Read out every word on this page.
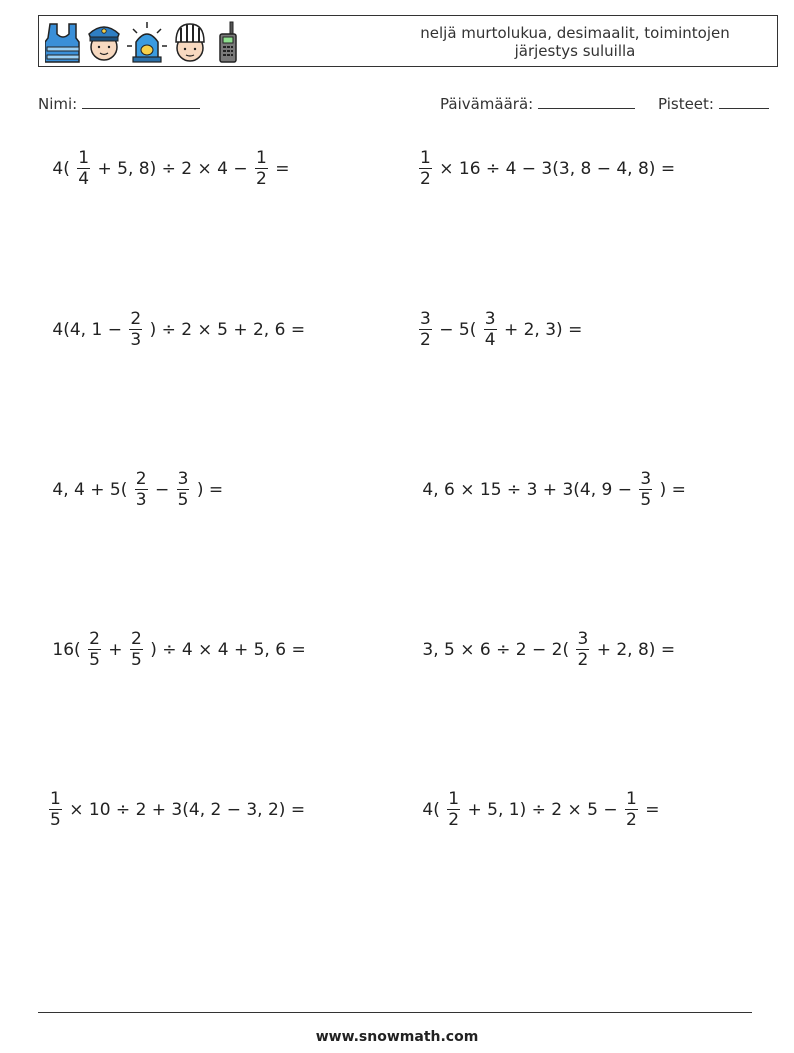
neljä murtolukua, desimaalit, toimintojen
järjestys suluilla
Nimi:	Päivämäärä:	Pisteet:
$4( \frac{1}{4} + 5$, $8) \div 2 \times 4 - \frac{1}{2}$ =	$\frac{1}{2} \times 16 \div 4 - 3(3$, 8 − 4, 8) =
4(4, $1 - \frac{2}{3}$ ) ÷ 2 × 5 + 2, 6 =	$\frac{3}{2} - 5( \frac{3}{4} + 2$, 3) =
4, $4 + 5( \frac{2}{3} - \frac{3}{5}$ ) =	4, 6 × 15 ÷ 3 + 3(4, $9 - \frac{3}{5}$ ) =
$16( \frac{2}{5} + \frac{2}{5}$ ) ÷ 4 × 4 + 5, 6 =	3, $5 \times 6 \div 2 - 2( \frac{3}{2} + 2$, 8) =
$\frac{1}{5} \times 10 \div 2 + 3(4$, 2 − 3, 2) =	$4( \frac{1}{2} + 5$, $1) \div 2 \times 5 - \frac{1}{2}$ =
www.snowmath.com
